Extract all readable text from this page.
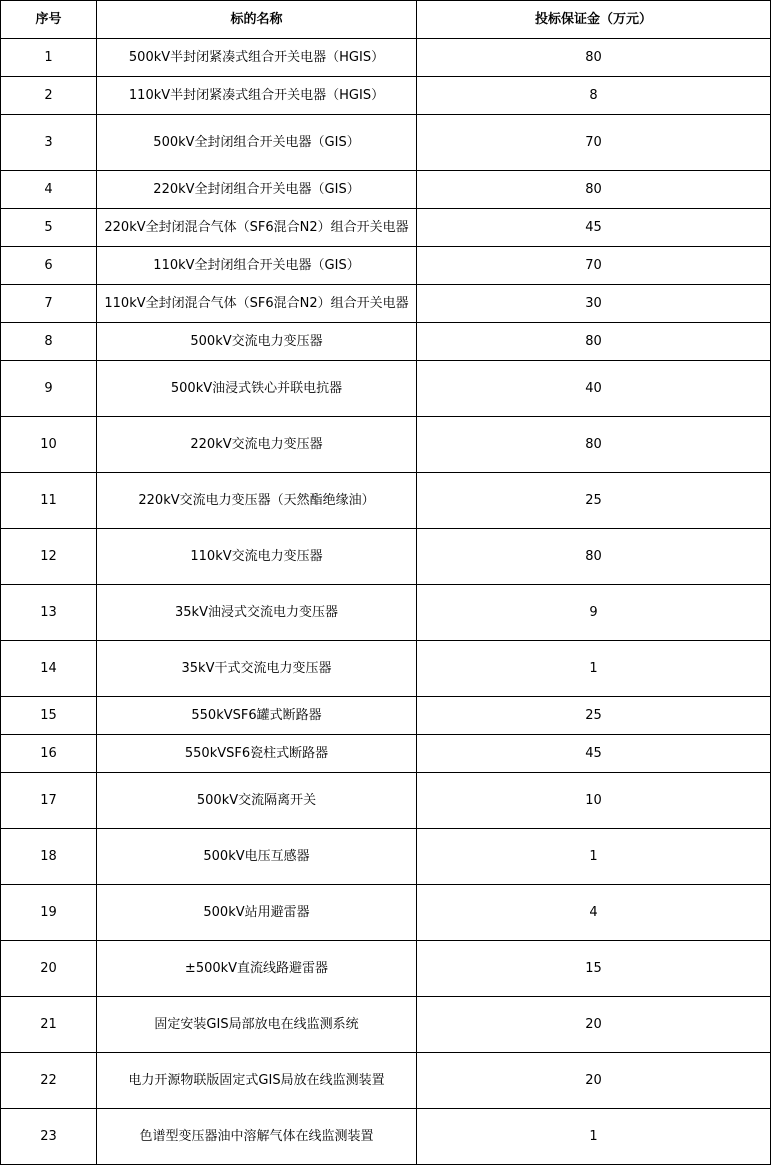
序号	标的名称	投标保证金（万元）
1	500kV半封闭紧凑式组合开关电器（HGIS）	80
2	110kV半封闭紧凑式组合开关电器（HGIS）	8
3	500kV全封闭组合开关电器（GIS）	70
4	220kV全封闭组合开关电器（GIS）	80
5	220kV全封闭混合气体（SF6混合N2）组合开关电器	45
6	110kV全封闭组合开关电器（GIS）	70
7	110kV全封闭混合气体（SF6混合N2）组合开关电器	30
8	500kV交流电力变压器	80
9	500kV油浸式铁心并联电抗器	40
10	220kV交流电力变压器	80
11	220kV交流电力变压器（天然酯绝缘油）	25
12	110kV交流电力变压器	80
13	35kV油浸式交流电力变压器	9
14	35kV干式交流电力变压器	1
15	550kVSF6罐式断路器	25
16	550kVSF6瓷柱式断路器	45
17	500kV交流隔离开关	10
18	500kV电压互感器	1
19	500kV站用避雷器	4
20	±500kV直流线路避雷器	15
21	固定安装GIS局部放电在线监测系统	20
22	电力开源物联版固定式GIS局放在线监测装置	20
23	色谱型变压器油中溶解气体在线监测装置	1
